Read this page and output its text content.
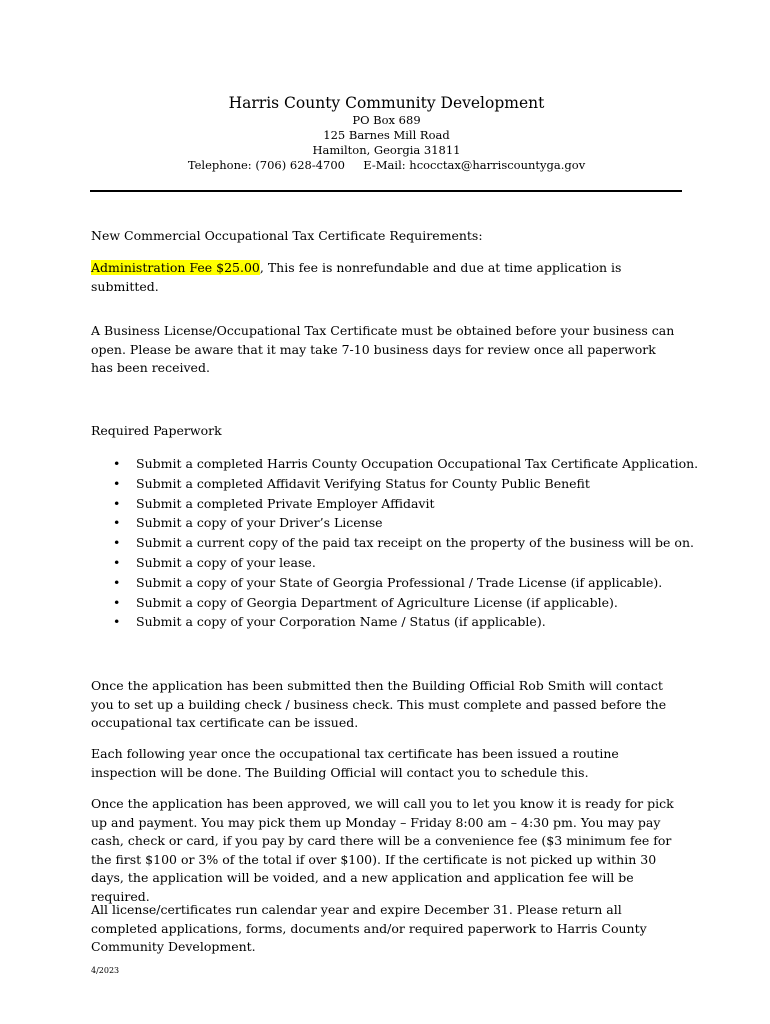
Harris County Community Development
PO Box 689
125 Barnes Mill Road
Hamilton, Georgia 31811
Telephone: (706) 628-4700     E-Mail: hcocctax@harriscountyga.gov
New Commercial Occupational Tax Certificate Requirements:
Administration Fee $25.00, This fee is nonrefundable and due at time application is submitted.
A Business License/Occupational Tax Certificate must be obtained before your business can open. Please be aware that it may take 7-10 business days for review once all paperwork has been received.
Required Paperwork
• Submit a completed Harris County Occupation Occupational Tax Certificate Application.
• Submit a completed Affidavit Verifying Status for County Public Benefit
• Submit a completed Private Employer Affidavit
• Submit a copy of your Driver’s License
• Submit a current copy of the paid tax receipt on the property of the business will be on.
• Submit a copy of your lease.
• Submit a copy of your State of Georgia Professional / Trade License (if applicable).
• Submit a copy of Georgia Department of Agriculture License (if applicable).
• Submit a copy of your Corporation Name / Status (if applicable).
Once the application has been submitted then the Building Official Rob Smith will contact you to set up a building check / business check. This must complete and passed before the occupational tax certificate can be issued.
Each following year once the occupational tax certificate has been issued a routine inspection will be done. The Building Official will contact you to schedule this.
Once the application has been approved, we will call you to let you know it is ready for pick up and payment. You may pick them up Monday – Friday 8:00 am – 4:30 pm. You may pay cash, check or card, if you pay by card there will be a convenience fee ($3 minimum fee for the first $100 or 3% of the total if over $100). If the certificate is not picked up within 30 days, the application will be voided, and a new application and application fee will be required.
All license/certificates run calendar year and expire December 31. Please return all completed applications, forms, documents and/or required paperwork to Harris County Community Development.
4/2023
